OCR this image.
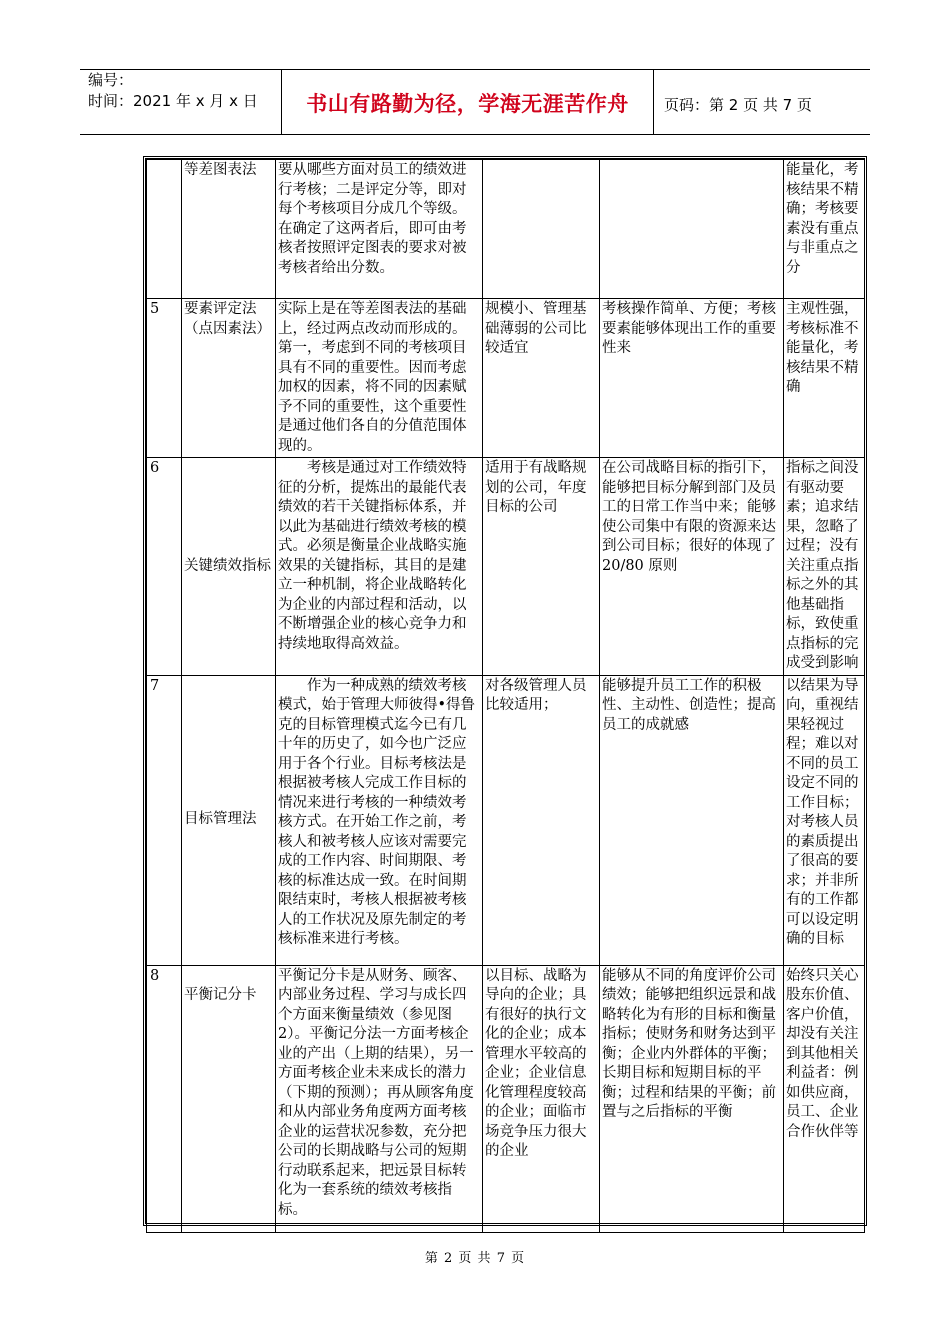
编号：
时间：2021 年 x 月 x 日	书山有路勤为径，学海无涯苦作舟	页码：第 2 页 共 7 页
	等差图表法	要从哪些方面对员工的绩效进行考核；二是评定分等，即对每个考核项目分成几个等级。在确定了这两者后，即可由考核者按照评定图表的要求对被考核者给出分数。			能量化，考核结果不精确；考核要素没有重点与非重点之分
5	要素评定法（点因素法）	实际上是在等差图表法的基础上，经过两点改动而形成的。第一，考虑到不同的考核项目具有不同的重要性。因而考虑加权的因素，将不同的因素赋予不同的重要性，这个重要性是通过他们各自的分值范围体现的。	规模小、管理基础薄弱的公司比较适宜	考核操作简单、方便；考核要素能够体现出工作的重要性来	主观性强，考核标准不能量化，考核结果不精确
6	关键绩效指标	考核是通过对工作绩效特征的分析，提炼出的最能代表绩效的若干关键指标体系，并以此为基础进行绩效考核的模式。必须是衡量企业战略实施效果的关键指标，其目的是建立一种机制，将企业战略转化为企业的内部过程和活动，以不断增强企业的核心竞争力和持续地取得高效益。	适用于有战略规划的公司，年度目标的公司	在公司战略目标的指引下，能够把目标分解到部门及员工的日常工作当中来；能够使公司集中有限的资源来达到公司目标；很好的体现了20/80 原则	指标之间没有驱动要素；追求结果，忽略了过程；没有关注重点指标之外的其他基础指标，致使重点指标的完成受到影响
7	目标管理法	作为一种成熟的绩效考核模式，始于管理大师彼得•得鲁克的目标管理模式迄今已有几十年的历史了，如今也广泛应用于各个行业。目标考核法是根据被考核人完成工作目标的情况来进行考核的一种绩效考核方式。在开始工作之前，考核人和被考核人应该对需要完成的工作内容、时间期限、考核的标准达成一致。在时间期限结束时，考核人根据被考核人的工作状况及原先制定的考核标准来进行考核。	对各级管理人员比较适用；	能够提升员工工作的积极性、主动性、创造性；提高员工的成就感	以结果为导向，重视结果轻视过程；难以对不同的员工设定不同的工作目标；对考核人员的素质提出了很高的要求；并非所有的工作都可以设定明确的目标
8	平衡记分卡	平衡记分卡是从财务、顾客、内部业务过程、学习与成长四个方面来衡量绩效（参见图2）。平衡记分法一方面考核企业的产出（上期的结果），另一方面考核企业未来成长的潜力（下期的预测）；再从顾客角度和从内部业务角度两方面考核企业的运营状况参数，充分把公司的长期战略与公司的短期行动联系起来，把远景目标转化为一套系统的绩效考核指标。	以目标、战略为导向的企业；具有很好的执行文化的企业；成本管理水平较高的企业；企业信息化管理程度较高的企业；面临市场竞争压力很大的企业	能够从不同的角度评价公司绩效；能够把组织远景和战略转化为有形的目标和衡量指标；使财务和财务达到平衡；企业内外群体的平衡；长期目标和短期目标的平衡；过程和结果的平衡；前置与之后指标的平衡	始终只关心股东价值、客户价值，却没有关注到其他相关利益者：例如供应商，员工、企业合作伙伴等
第 2 页 共 7 页
